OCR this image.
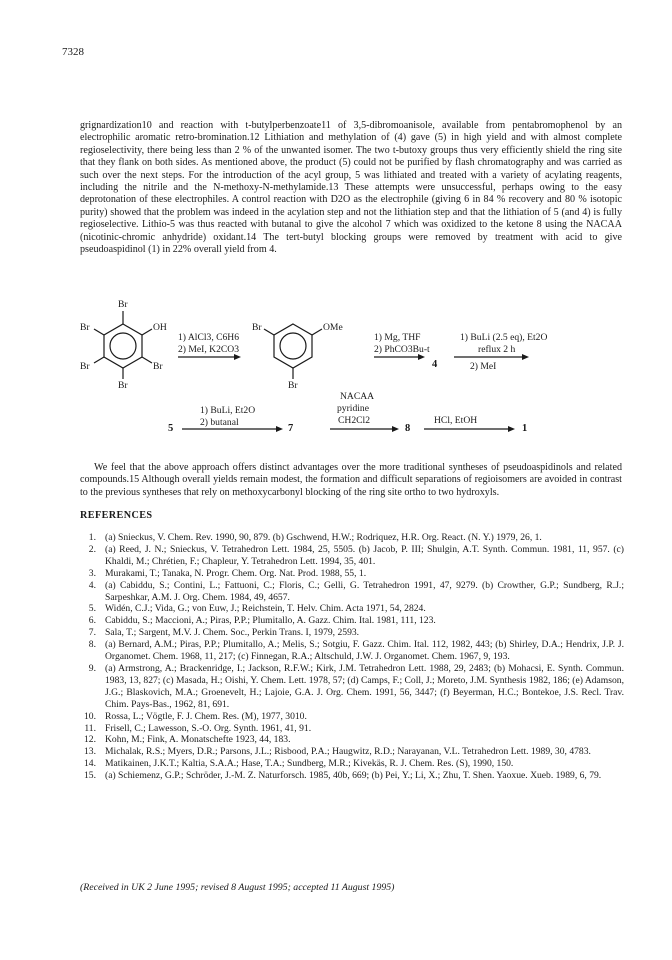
7328

grignardization10 and reaction with t-butylperbenzoate11 of 3,5-dibromoanisole, available from pentabromophenol by an electrophilic aromatic retro-bromination.12 Lithiation and methylation of (4) gave (5) in high yield and with almost complete regioselectivity, there being less than 2 % of the unwanted isomer. The two t-butoxy groups thus very efficiently shield the ring site that they flank on both sides. As mentioned above, the product (5) could not be purified by flash chromatography and was carried as such over the next steps. For the introduction of the acyl group, 5 was lithiated and treated with a variety of acylating reagents, including the nitrile and the N-methoxy-N-methylamide.13 These attempts were unsuccessful, perhaps owing to the easy deprotonation of these electrophiles. A control reaction with D2O as the electrophile (giving 6 in 84 % recovery and 80 % isotopic purity) showed that the problem was indeed in the acylation step and not the lithiation step and that the lithiation of 5 (and 4) is fully regioselective. Lithio-5 was thus reacted with butanal to give the alcohol 7 which was oxidized to the ketone 8 using the NACAA (nicotinic-chromic anhydride) oxidant.14 The tert-butyl blocking groups were removed by treatment with acid to give pseudoaspidinol (1) in 22% overall yield from 4.

Br
Br	OH
Br	Br
Br
1) AlCl3, C6H6
2) MeI, K2CO3
Br	OMe
Br
1) Mg, THF
2) PhCO3Bu-t
4
1) BuLi (2.5 eq), Et2O
reflux 2 h
2) MeI
5
1) BuLi, Et2O
2) butanal
7
NACAA
pyridine
CH2Cl2
8
HCl, EtOH
1

We feel that the above approach offers distinct advantages over the more traditional syntheses of pseudoaspidinols and related compounds.15 Although overall yields remain modest, the formation and difficult separations of regioisomers are avoided in contrast to the previous syntheses that rely on methoxycarbonyl blocking of the ring site ortho to two hydroxyls.

REFERENCES
1. (a) Snieckus, V. Chem. Rev. 1990, 90, 879. (b) Gschwend, H.W.; Rodriquez, H.R. Org. React. (N. Y.) 1979, 26, 1.
2. (a) Reed, J. N.; Snieckus, V. Tetrahedron Lett. 1984, 25, 5505. (b) Jacob, P. III; Shulgin, A.T. Synth. Commun. 1981, 11, 957. (c) Khaldi, M.; Chrétien, F.; Chapleur, Y. Tetrahedron Lett. 1994, 35, 401.
3. Murakami, T.; Tanaka, N. Progr. Chem. Org. Nat. Prod. 1988, 55, 1.
4. (a) Cabiddu, S.; Contini, L.; Fattuoni, C.; Floris, C.; Gelli, G. Tetrahedron 1991, 47, 9279. (b) Crowther, G.P.; Sundberg, R.J.; Sarpeshkar, A.M. J. Org. Chem. 1984, 49, 4657.
5. Widén, C.J.; Vida, G.; von Euw, J.; Reichstein, T. Helv. Chim. Acta 1971, 54, 2824.
6. Cabiddu, S.; Maccioni, A.; Piras, P.P.; Plumitallo, A. Gazz. Chim. Ital. 1981, 111, 123.
7. Sala, T.; Sargent, M.V. J. Chem. Soc., Perkin Trans. I, 1979, 2593.
8. (a) Bernard, A.M.; Piras, P.P.; Plumitallo, A.; Melis, S.; Sotgiu, F. Gazz. Chim. Ital. 112, 1982, 443; (b) Shirley, D.A.; Hendrix, J.P. J. Organomet. Chem. 1968, 11, 217; (c) Finnegan, R.A.; Altschuld, J.W. J. Organomet. Chem. 1967, 9, 193.
9. (a) Armstrong, A.; Brackenridge, I.; Jackson, R.F.W.; Kirk, J.M. Tetrahedron Lett. 1988, 29, 2483; (b) Mohacsi, E. Synth. Commun. 1983, 13, 827; (c) Masada, H.; Oishi, Y. Chem. Lett. 1978, 57; (d) Camps, F.; Coll, J.; Moreto, J.M. Synthesis 1982, 186; (e) Adamson, J.G.; Blaskovich, M.A.; Groenevelt, H.; Lajoie, G.A. J. Org. Chem. 1991, 56, 3447; (f) Beyerman, H.C.; Bontekoe, J.S. Recl. Trav. Chim. Pays-Bas., 1962, 81, 691.
10. Rossa, L.; Vögtle, F. J. Chem. Res. (M), 1977, 3010.
11. Frisell, C.; Lawesson, S.-O. Org. Synth. 1961, 41, 91.
12. Kohn, M.; Fink, A. Monatschefte 1923, 44, 183.
13. Michalak, R.S.; Myers, D.R.; Parsons, J.L.; Risbood, P.A.; Haugwitz, R.D.; Narayanan, V.L. Tetrahedron Lett. 1989, 30, 4783.
14. Matikainen, J.K.T.; Kaltia, S.A.A.; Hase, T.A.; Sundberg, M.R.; Kivekäs, R. J. Chem. Res. (S), 1990, 150.
15. (a) Schiemenz, G.P.; Schröder, J.-M. Z. Naturforsch. 1985, 40b, 669; (b) Pei, Y.; Li, X.; Zhu, T. Shen. Yaoxue. Xueb. 1989, 6, 79.
(Received in UK 2 June 1995; revised 8 August 1995; accepted 11 August 1995)
